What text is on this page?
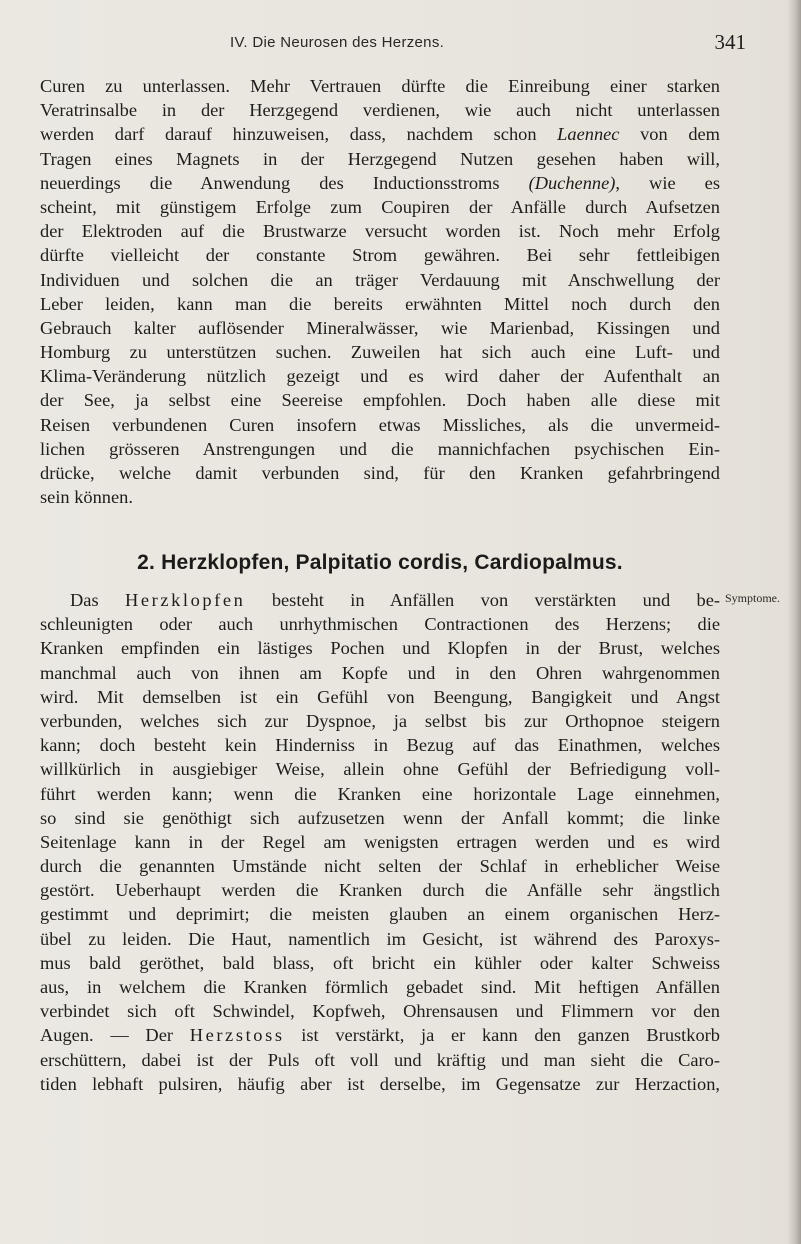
IV. Die Neurosen des Herzens.	341
Curen zu unterlassen. Mehr Vertrauen dürfte die Einreibung einer starken
Veratrinsalbe in der Herzgegend verdienen, wie auch nicht unterlassen
werden darf darauf hinzuweisen, dass, nachdem schon Laennec von dem
Tragen eines Magnets in der Herzgegend Nutzen gesehen haben will,
neuerdings die Anwendung des Inductionsstroms (Duchenne), wie es
scheint, mit günstigem Erfolge zum Coupiren der Anfälle durch Aufsetzen
der Elektroden auf die Brustwarze versucht worden ist. Noch mehr Erfolg
dürfte vielleicht der constante Strom gewähren. Bei sehr fettleibigen
Individuen und solchen die an träger Verdauung mit Anschwellung der
Leber leiden, kann man die bereits erwähnten Mittel noch durch den
Gebrauch kalter auflösender Mineralwässer, wie Marienbad, Kissingen und
Homburg zu unterstützen suchen. Zuweilen hat sich auch eine Luft- und
Klima-Veränderung nützlich gezeigt und es wird daher der Aufenthalt an
der See, ja selbst eine Seereise empfohlen. Doch haben alle diese mit
Reisen verbundenen Curen insofern etwas Missliches, als die unvermeid-
lichen grösseren Anstrengungen und die mannichfachen psychischen Ein-
drücke, welche damit verbunden sind, für den Kranken gefahrbringend
sein können.
2. Herzklopfen, Palpitatio cordis, Cardiopalmus.
Symptome.
Das Herzklopfen besteht in Anfällen von verstärkten und be-
schleunigten oder auch unrhythmischen Contractionen des Herzens; die
Kranken empfinden ein lästiges Pochen und Klopfen in der Brust, welches
manchmal auch von ihnen am Kopfe und in den Ohren wahrgenommen
wird. Mit demselben ist ein Gefühl von Beengung, Bangigkeit und Angst
verbunden, welches sich zur Dyspnoe, ja selbst bis zur Orthopnoe steigern
kann; doch besteht kein Hinderniss in Bezug auf das Einathmen, welches
willkürlich in ausgiebiger Weise, allein ohne Gefühl der Befriedigung voll-
führt werden kann; wenn die Kranken eine horizontale Lage einnehmen,
so sind sie genöthigt sich aufzusetzen wenn der Anfall kommt; die linke
Seitenlage kann in der Regel am wenigsten ertragen werden und es wird
durch die genannten Umstände nicht selten der Schlaf in erheblicher Weise
gestört. Ueberhaupt werden die Kranken durch die Anfälle sehr ängstlich
gestimmt und deprimirt; die meisten glauben an einem organischen Herz-
übel zu leiden. Die Haut, namentlich im Gesicht, ist während des Paroxys-
mus bald geröthet, bald blass, oft bricht ein kühler oder kalter Schweiss
aus, in welchem die Kranken förmlich gebadet sind. Mit heftigen Anfällen
verbindet sich oft Schwindel, Kopfweh, Ohrensausen und Flimmern vor den
Augen. — Der Herzstoss ist verstärkt, ja er kann den ganzen Brustkorb
erschüttern, dabei ist der Puls oft voll und kräftig und man sieht die Caro-
tiden lebhaft pulsiren, häufig aber ist derselbe, im Gegensatze zur Herzaction,
